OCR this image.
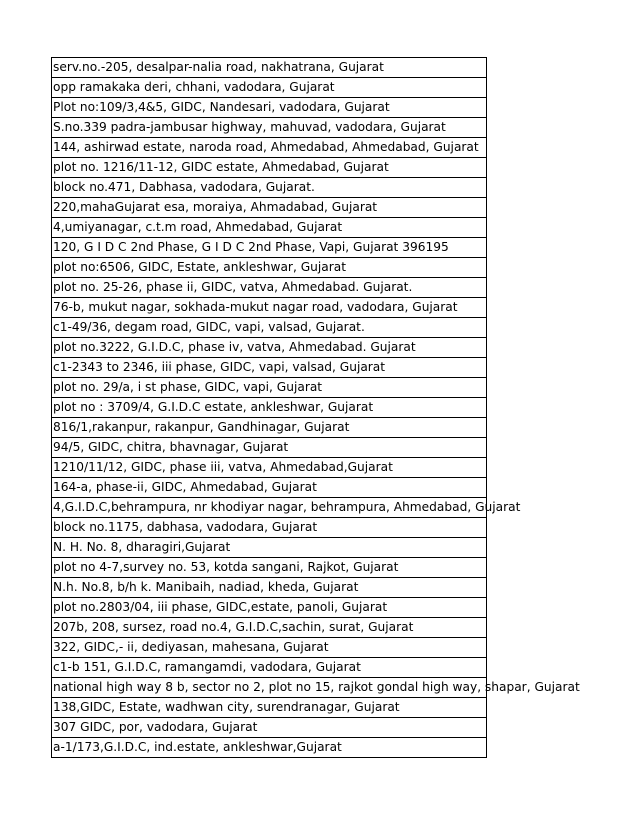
serv.no.-205, desalpar-nalia road, nakhatrana, Gujarat
opp ramakaka deri, chhani, vadodara, Gujarat
Plot no:109/3,4&5, GIDC, Nandesari, vadodara, Gujarat
S.no.339 padra-jambusar highway, mahuvad, vadodara, Gujarat
144, ashirwad estate, naroda road, Ahmedabad, Ahmedabad, Gujarat
plot no. 1216/11-12, GIDC estate, Ahmedabad, Gujarat
block no.471, Dabhasa, vadodara, Gujarat.
220,mahaGujarat esa, moraiya, Ahmadabad, Gujarat
4,umiyanagar, c.t.m road, Ahmedabad, Gujarat
120, G I D C 2nd Phase, G I D C 2nd Phase, Vapi, Gujarat 396195
plot no:6506, GIDC, Estate, ankleshwar, Gujarat
plot no. 25-26, phase ii, GIDC, vatva, Ahmedabad. Gujarat.
76-b, mukut nagar, sokhada-mukut nagar road, vadodara, Gujarat
c1-49/36, degam road, GIDC, vapi, valsad, Gujarat.
plot no.3222, G.I.D.C, phase iv, vatva, Ahmedabad. Gujarat
c1-2343 to 2346, iii phase, GIDC, vapi, valsad, Gujarat
plot no. 29/a, i st phase, GIDC, vapi, Gujarat
plot no : 3709/4, G.I.D.C estate, ankleshwar, Gujarat
816/1,rakanpur, rakanpur, Gandhinagar, Gujarat
94/5, GIDC, chitra, bhavnagar, Gujarat
1210/11/12, GIDC, phase iii, vatva, Ahmedabad,Gujarat
164-a, phase-ii, GIDC, Ahmedabad, Gujarat
4,G.I.D.C,behrampura, nr khodiyar nagar, behrampura, Ahmedabad, Gujarat
block no.1175, dabhasa, vadodara, Gujarat
N. H. No. 8, dharagiri,Gujarat
plot no 4-7,survey no. 53, kotda sangani, Rajkot, Gujarat
N.h. No.8, b/h k. Manibaih, nadiad, kheda, Gujarat
plot no.2803/04, iii phase, GIDC,estate, panoli, Gujarat
207b, 208, sursez, road no.4, G.I.D.C,sachin, surat, Gujarat
322, GIDC,- ii, dediyasan, mahesana, Gujarat
c1-b 151, G.I.D.C, ramangamdi, vadodara, Gujarat
national high way 8 b, sector no 2, plot no 15, rajkot gondal high way, shapar, Gujarat
138,GIDC, Estate, wadhwan city, surendranagar, Gujarat
307 GIDC, por, vadodara, Gujarat
a-1/173,G.I.D.C, ind.estate, ankleshwar,Gujarat
